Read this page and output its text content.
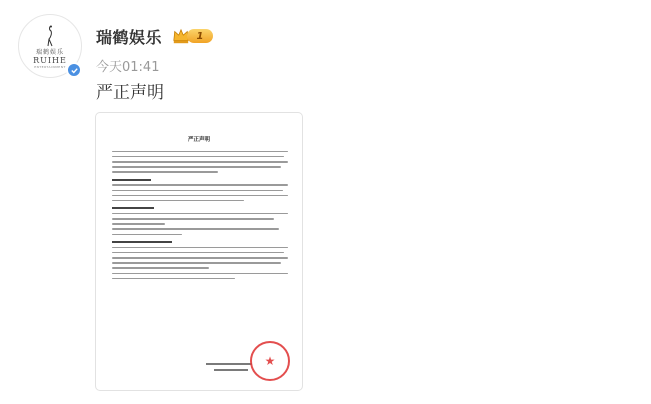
瑞鹤娱乐
RUIHE
ENTERTAINMENT
瑞鹤娱乐	1
今天01:41
严正声明
严正声明
★
